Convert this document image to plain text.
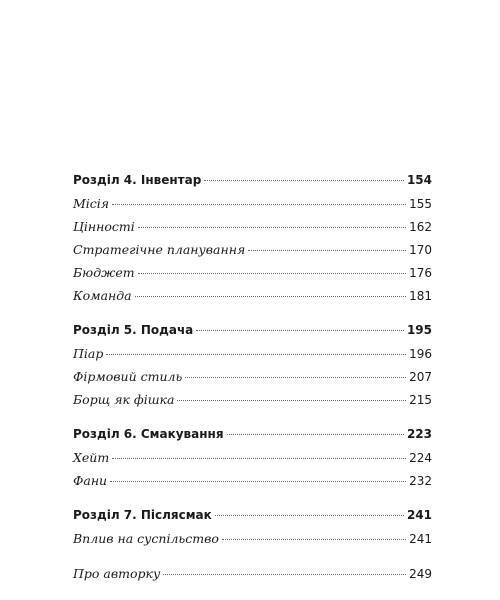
Розділ 4. Інвентар	154
Місія	155
Цінності	162
Стратегічне планування	170
Бюджет	176
Команда	181
Розділ 5. Подача	195
Піар	196
Фірмовий стиль	207
Борщ як фішка	215
Розділ 6. Смакування	223
Хейт	224
Фани	232
Розділ 7. Післясмак	241
Вплив на суспільство	241
Про авторку	249
